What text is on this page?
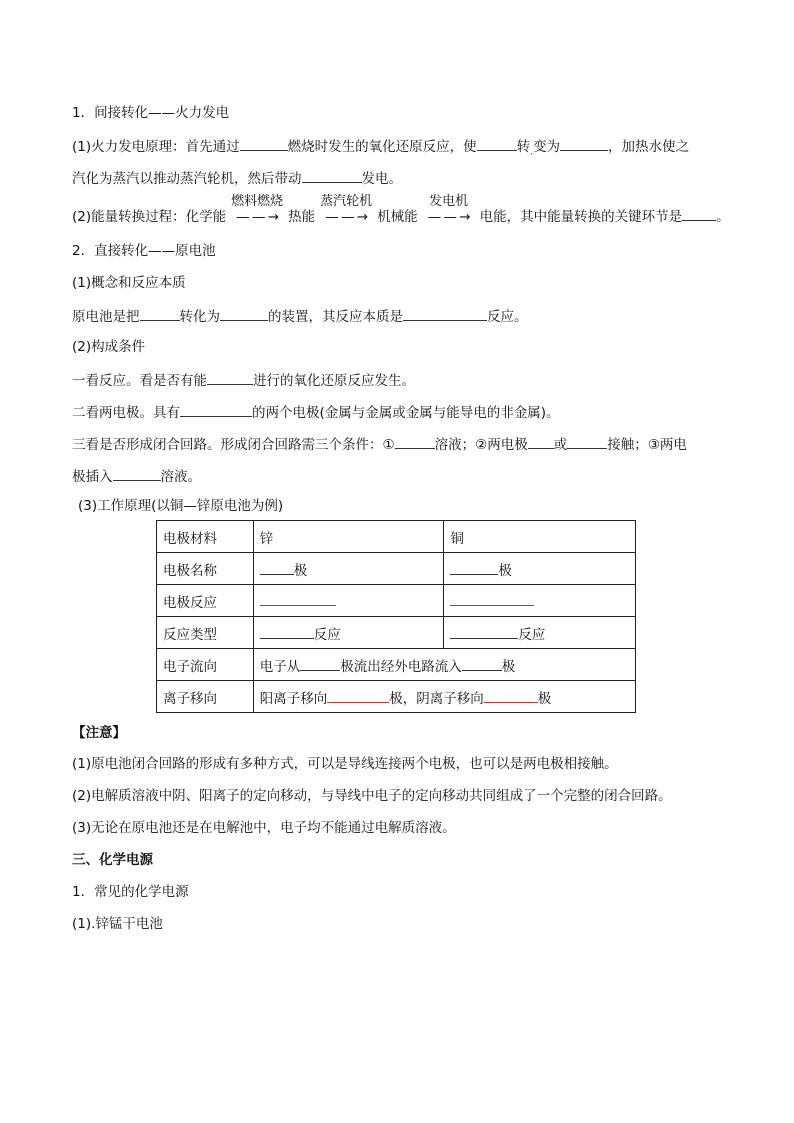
1．间接转化——火力发电
(1)火力发电原理：首先通过	燃烧时发生的氧化还原反应，使	转$_.$变为	，加热水使之
汽化为蒸汽以推动蒸汽轮机，然后带动	发电。
(2)能量转换过程：化学能
燃料燃烧
— — → 热能
蒸汽轮机
— — → 机械能
发电机
— — → 电能，其中能量转换的关键环节是	。
2．直接转化——原电池
(1)概念和反应本质
原电池是把	转化为	的装置，其反应本质是	反应。
(2)构成条件
一看反应。看是否有能	进行的氧化还原反应发生。
二看两电极。具有	的两个电极(金属与金属或金属与能导电的非金属)。
三看是否形成闭合回路。形成闭合回路需三个条件：①	溶液；②两电极 或	接触；③两电
极插入	溶液。
(3)工作原理(以铜—锌原电池为例)
电极材料	锌	铜
电极名称	极	极
电极反应		
反应类型	反应	反应
电子流向	电子从 极流出经外电路流入 极	
离子移向	阳离子移向 极，阴离子移向 极	
【注意】
(1)原电池闭合回路的形成有多种方式，可以是导线连接两个电极，也可以是两电极相接触。
(2)电解质溶液中阴、阳离子的定向移动，与导线中电子的定向移动共同组成了一个完整的闭合回路。
(3)无论在原电池还是在电解池中，电子均不能通过电解质溶液。
三、化学电源
1．常见的化学电源
(1).锌锰干电池
